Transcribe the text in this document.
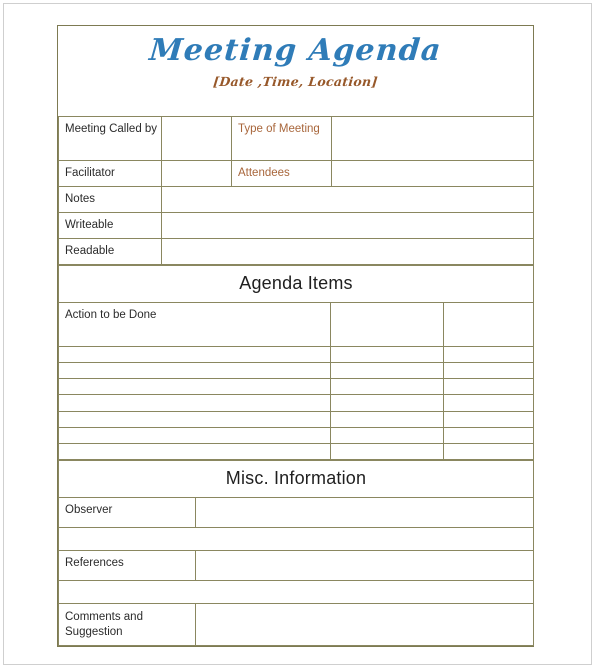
Meeting Agenda
[Date ,Time, Location]
Meeting Called by		Type of Meeting	
Facilitator		Attendees	
Notes			
Writeable			
Readable			
Agenda Items		
Action to be Done		

Misc. Information	
Observer	

References	

Comments and Suggestion	
